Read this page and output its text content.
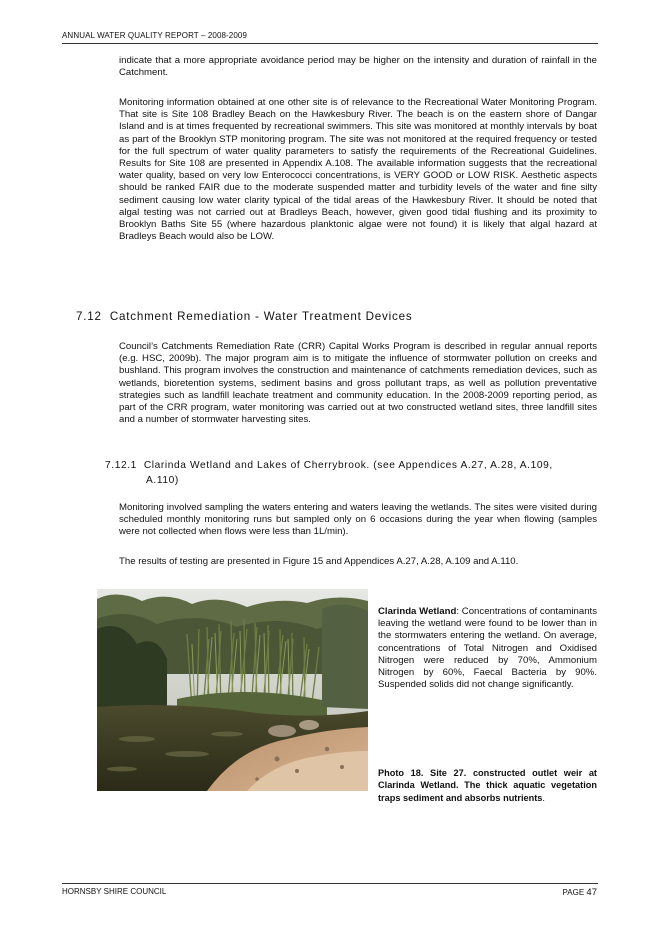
ANNUAL WATER QUALITY REPORT – 2008-2009

indicate that a more appropriate avoidance period may be higher on the intensity and duration of rainfall in the Catchment.

Monitoring information obtained at one other site is of relevance to the Recreational Water Monitoring Program. That site is Site 108 Bradley Beach on the Hawkesbury River. The beach is on the eastern shore of Dangar Island and is at times frequented by recreational swimmers. This site was monitored at monthly intervals by boat as part of the Brooklyn STP monitoring program. The site was not monitored at the required frequency or tested for the full spectrum of water quality parameters to satisfy the requirements of the Recreational Guidelines. Results for Site 108 are presented in Appendix A.108. The available information suggests that the recreational water quality, based on very low Enterococci concentrations, is VERY GOOD or LOW RISK. Aesthetic aspects should be ranked FAIR due to the moderate suspended matter and turbidity levels of the water and fine silty sediment causing low water clarity typical of the tidal areas of the Hawkesbury River. It should be noted that algal testing was not carried out at Bradleys Beach, however, given good tidal flushing and its proximity to Brooklyn Baths Site 55 (where hazardous planktonic algae were not found) it is likely that algal hazard at Bradleys Beach would also be LOW.

7.12 Catchment Remediation - Water Treatment Devices

Council’s Catchments Remediation Rate (CRR) Capital Works Program is described in regular annual reports (e.g. HSC, 2009b). The major program aim is to mitigate the influence of stormwater pollution on creeks and bushland. This program involves the construction and maintenance of catchments remediation devices, such as wetlands, bioretention systems, sediment basins and gross pollutant traps, as well as pollution preventative strategies such as landfill leachate treatment and community education. In the 2008-2009 reporting period, as part of the CRR program, water monitoring was carried out at two constructed wetland sites, three landfill sites and a number of stormwater harvesting sites.

7.12.1 Clarinda Wetland and Lakes of Cherrybrook. (see Appendices A.27, A.28, A.109,
A.110)

Monitoring involved sampling the waters entering and waters leaving the wetlands. The sites were visited during scheduled monthly monitoring runs but sampled only on 6 occasions during the year when flowing (samples were not collected when flows were less than 1L/min).

The results of testing are presented in Figure 15 and Appendices A.27, A.28, A.109 and A.110.

Clarinda Wetland: Concentrations of contaminants leaving the wetland were found to be lower than in the stormwaters entering the wetland. On average, concentrations of Total Nitrogen and Oxidised Nitrogen were reduced by 70%, Ammonium Nitrogen by 60%, Faecal Bacteria by 90%. Suspended solids did not change significantly.

Photo 18. Site 27. constructed outlet weir at Clarinda Wetland. The thick aquatic vegetation traps sediment and absorbs nutrients.

HORNSBY SHIRE COUNCIL	PAGE 47
